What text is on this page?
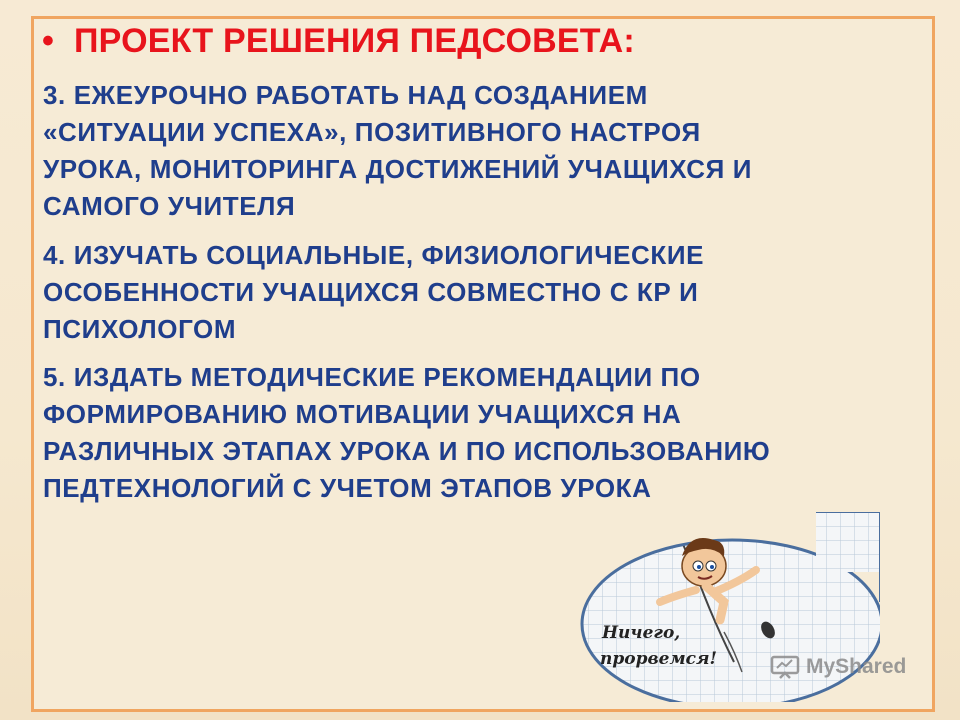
• ПРОЕКТ РЕШЕНИЯ ПЕДСОВЕТА:
3. ЕЖЕУРОЧНО РАБОТАТЬ НАД СОЗДАНИЕМ
«СИТУАЦИИ УСПЕХА», ПОЗИТИВНОГО НАСТРОЯ
УРОКА, МОНИТОРИНГА ДОСТИЖЕНИЙ УЧАЩИХСЯ И
САМОГО УЧИТЕЛЯ
4. ИЗУЧАТЬ СОЦИАЛЬНЫЕ, ФИЗИОЛОГИЧЕСКИЕ
ОСОБЕННОСТИ УЧАЩИХСЯ СОВМЕСТНО С КР И
ПСИХОЛОГОМ
5. ИЗДАТЬ МЕТОДИЧЕСКИЕ РЕКОМЕНДАЦИИ ПО
ФОРМИРОВАНИЮ МОТИВАЦИИ УЧАЩИХСЯ НА
РАЗЛИЧНЫХ ЭТАПАХ УРОКА И ПО ИСПОЛЬЗОВАНИЮ
ПЕДТЕХНОЛОГИЙ С УЧЕТОМ ЭТАПОВ УРОКА
Ничего,
прорвемся!	MyShared
